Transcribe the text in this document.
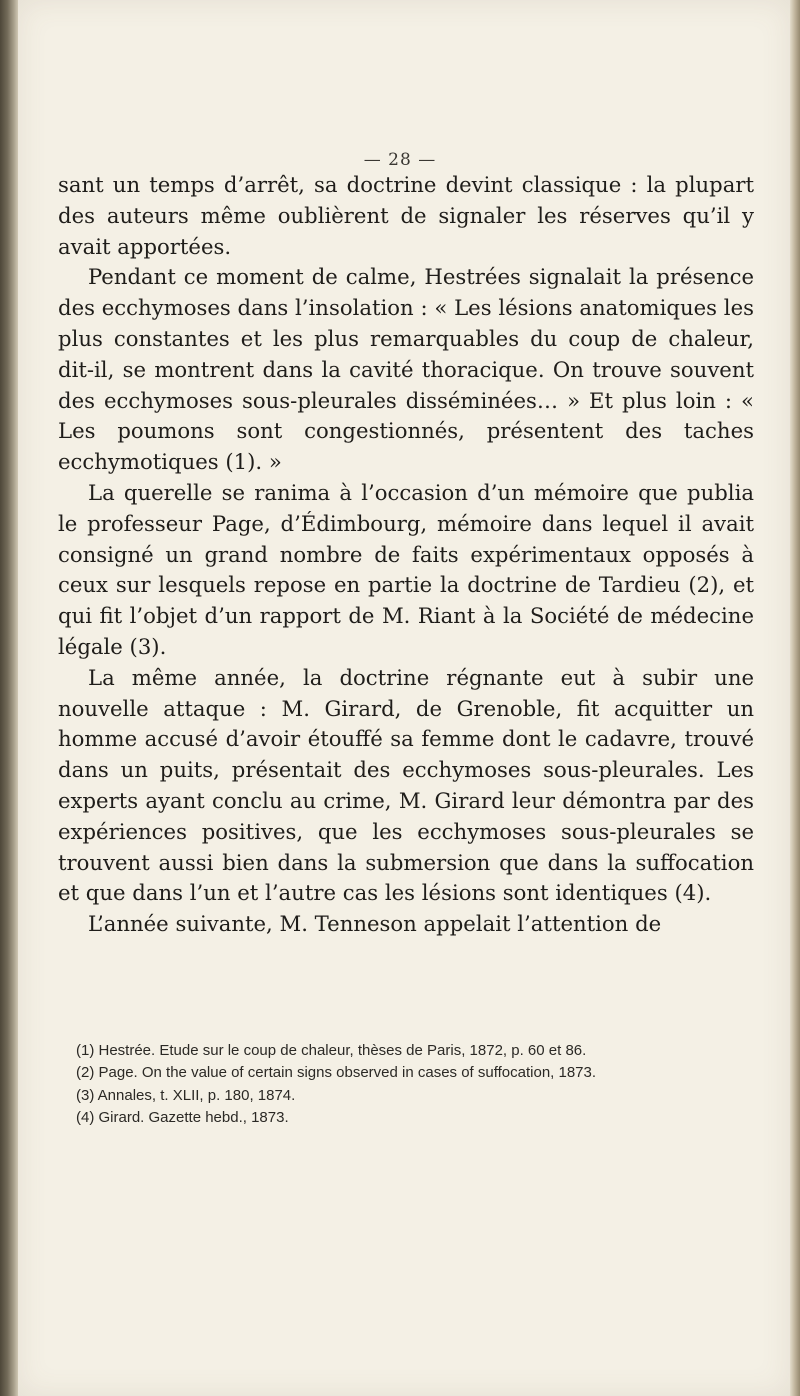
— 28 —

sant un temps d’arrêt, sa doctrine devint classique : la plupart des auteurs même oublièrent de signaler les réserves qu’il y avait apportées.

Pendant ce moment de calme, Hestrées signalait la présence des ecchymoses dans l’insolation : « Les lésions anatomiques les plus constantes et les plus remarquables du coup de chaleur, dit-il, se montrent dans la cavité thoracique. On trouve souvent des ecchymoses sous-pleurales disséminées… » Et plus loin : « Les poumons sont congestionnés, présentent des taches ecchymotiques (1). »

La querelle se ranima à l’occasion d’un mémoire que publia le professeur Page, d’Édimbourg, mémoire dans lequel il avait consigné un grand nombre de faits expérimentaux opposés à ceux sur lesquels repose en partie la doctrine de Tardieu (2), et qui fit l’objet d’un rapport de M. Riant à la Société de médecine légale (3).

La même année, la doctrine régnante eut à subir une nouvelle attaque : M. Girard, de Grenoble, fit acquitter un homme accusé d’avoir étouffé sa femme dont le cadavre, trouvé dans un puits, présentait des ecchymoses sous-pleurales. Les experts ayant conclu au crime, M. Girard leur démontra par des expériences positives, que les ecchymoses sous-pleurales se trouvent aussi bien dans la submersion que dans la suffocation et que dans l’un et l’autre cas les lésions sont identiques (4).

L’année suivante, M. Tenneson appelait l’attention de

(1) Hestrée. Etude sur le coup de chaleur, thèses de Paris, 1872, p. 60 et 86.

(2) Page. On the value of certain signs observed in cases of suffocation, 1873.

(3) Annales, t. XLII, p. 180, 1874.

(4) Girard. Gazette hebd., 1873.
